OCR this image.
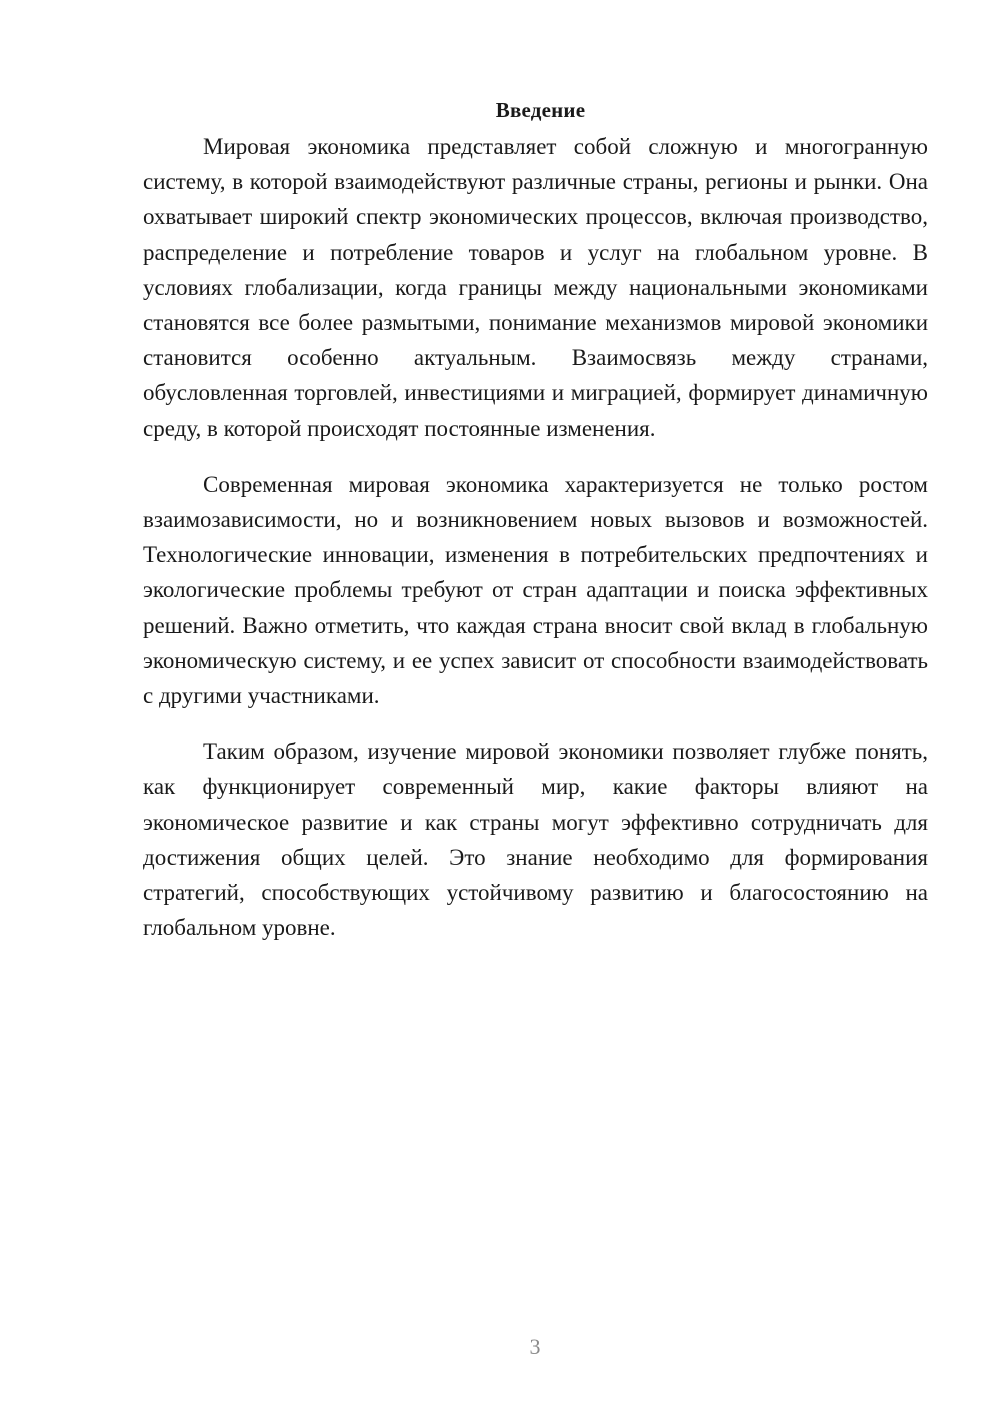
Введение

Мировая экономика представляет собой сложную и многогранную систему, в которой взаимодействуют различные страны, регионы и рынки. Она охватывает широкий спектр экономических процессов, включая производство, распределение и потребление товаров и услуг на глобальном уровне. В условиях глобализации, когда границы между национальными экономиками становятся все более размытыми, понимание механизмов мировой экономики становится особенно актуальным. Взаимосвязь между странами, обусловленная торговлей, инвестициями и миграцией, формирует динамичную среду, в которой происходят постоянные изменения.

Современная мировая экономика характеризуется не только ростом взаимозависимости, но и возникновением новых вызовов и возможностей. Технологические инновации, изменения в потребительских предпочтениях и экологические проблемы требуют от стран адаптации и поиска эффективных решений. Важно отметить, что каждая страна вносит свой вклад в глобальную экономическую систему, и ее успех зависит от способности взаимодействовать с другими участниками.

Таким образом, изучение мировой экономики позволяет глубже понять, как функционирует современный мир, какие факторы влияют на экономическое развитие и как страны могут эффективно сотрудничать для достижения общих целей. Это знание необходимо для формирования стратегий, способствующих устойчивому развитию и благосостоянию на глобальном уровне.

3
